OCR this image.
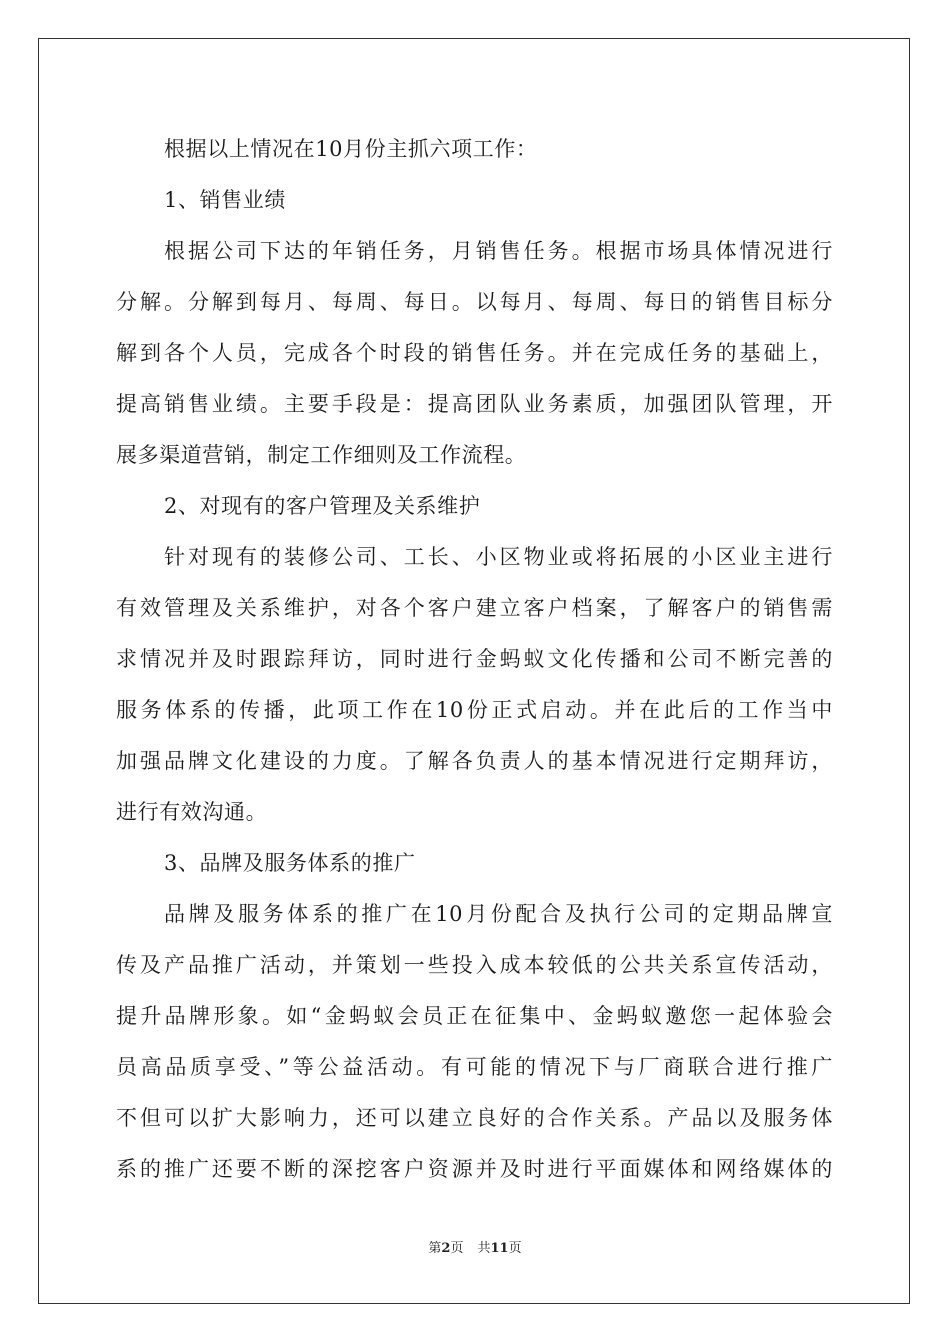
根据以上情况在10月份主抓六项工作：
1、销售业绩
根据公司下达的年销任务，月销售任务。根据市场具体情况进行
分解。分解到每月、每周、每日。以每月、每周、每日的销售目标分
解到各个人员，完成各个时段的销售任务。并在完成任务的基础上，
提高销售业绩。主要手段是：提高团队业务素质，加强团队管理，开
展多渠道营销，制定工作细则及工作流程。
2、对现有的客户管理及关系维护
针对现有的装修公司、工长、小区物业或将拓展的小区业主进行
有效管理及关系维护，对各个客户建立客户档案，了解客户的销售需
求情况并及时跟踪拜访，同时进行金蚂蚁文化传播和公司不断完善的
服务体系的传播，此项工作在10份正式启动。并在此后的工作当中
加强品牌文化建设的力度。了解各负责人的基本情况进行定期拜访，
进行有效沟通。
3、品牌及服务体系的推广
品牌及服务体系的推广在10月份配合及执行公司的定期品牌宣
传及产品推广活动，并策划一些投入成本较低的公共关系宣传活动，
提升品牌形象。如“金蚂蚁会员正在征集中、金蚂蚁邀您一起体验会
员高品质享受、”等公益活动。有可能的情况下与厂商联合进行推广
不但可以扩大影响力，还可以建立良好的合作关系。产品以及服务体
系的推广还要不断的深挖客户资源并及时进行平面媒体和网络媒体的
第2页 共11页
